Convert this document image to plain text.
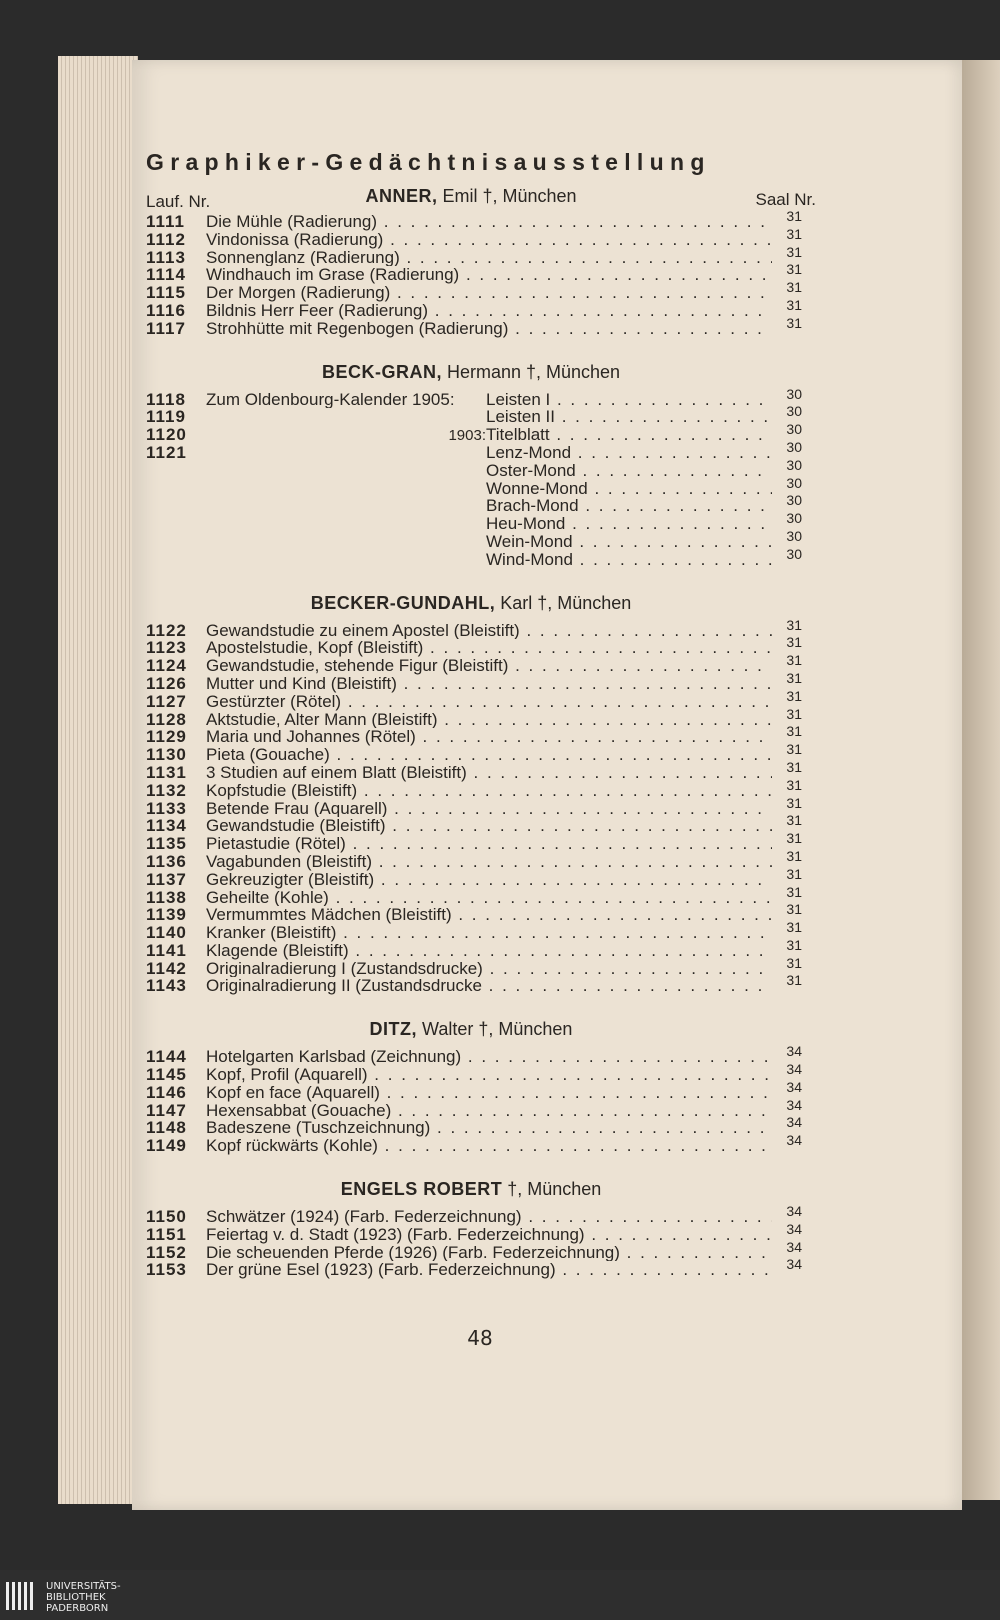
Graphiker-Gedächtnisausstellung
Lauf. Nr.	Saal Nr.
ANNER, Emil †, München
1111	Die Mühle (Radierung) . . .	31
1112	Vindonissa (Radierung) . . .	31
1113	Sonnenglanz (Radierung) . . .	31
1114	Windhauch im Grase (Radierung) . . .	31
1115	Der Morgen (Radierung) . . .	31
1116	Bildnis Herr Feer (Radierung) . . .	31
1117	Strohhütte mit Regenbogen (Radierung) . . .	31
BECK-GRAN, Hermann †, München
1118	Zum Oldenbourg-Kalender 1905: Leisten I . . .	30
1119	Leisten II . . .	30
1120	1903:Titelblatt . . .	30
1121	Lenz-Mond . . .	30
Oster-Mond . . .	30
Wonne-Mond . . .	30
Brach-Mond . . .	30
Heu-Mond . . .	30
Wein-Mond . . .	30
Wind-Mond . . .	30
BECKER-GUNDAHL, Karl †, München
1122	Gewandstudie zu einem Apostel (Bleistift) . . .	31
1123	Apostelstudie, Kopf (Bleistift) . . .	31
1124	Gewandstudie, stehende Figur (Bleistift) . . .	31
1126	Mutter und Kind (Bleistift) . . .	31
1127	Gestürzter (Rötel) . . .	31
1128	Aktstudie, Alter Mann (Bleistift) . . .	31
1129	Maria und Johannes (Rötel) . . .	31
1130	Pieta (Gouache) . . .	31
1131	3 Studien auf einem Blatt (Bleistift) . . .	31
1132	Kopfstudie (Bleistift) . . .	31
1133	Betende Frau (Aquarell) . . .	31
1134	Gewandstudie (Bleistift) . . .	31
1135	Pietastudie (Rötel) . . .	31
1136	Vagabunden (Bleistift) . . .	31
1137	Gekreuzigter (Bleistift) . . .	31
1138	Geheilte (Kohle) . . .	31
1139	Vermummtes Mädchen (Bleistift) . . .	31
1140	Kranker (Bleistift) . . .	31
1141	Klagende (Bleistift) . . .	31
1142	Originalradierung I (Zustandsdrucke) . . .	31
1143	Originalradierung II (Zustandsdrucke . . .	31
DITZ, Walter †, München
1144	Hotelgarten Karlsbad (Zeichnung) . . .	34
1145	Kopf, Profil (Aquarell) . . .	34
1146	Kopf en face (Aquarell) . . .	34
1147	Hexensabbat (Gouache) . . .	34
1148	Badeszene (Tuschzeichnung) . . .	34
1149	Kopf rückwärts (Kohle) . . .	34
ENGELS ROBERT †, München
1150	Schwätzer (1924) (Farb. Federzeichnung) . . .	34
1151	Feiertag v. d. Stadt (1923) (Farb. Federzeichnung) . . .	34
1152	Die scheuenden Pferde (1926) (Farb. Federzeichnung) . . .	34
1153	Der grüne Esel (1923) (Farb. Federzeichnung) . . .	34
48
UNIVERSITÄTS-
BIBLIOTHEK
PADERBORN
